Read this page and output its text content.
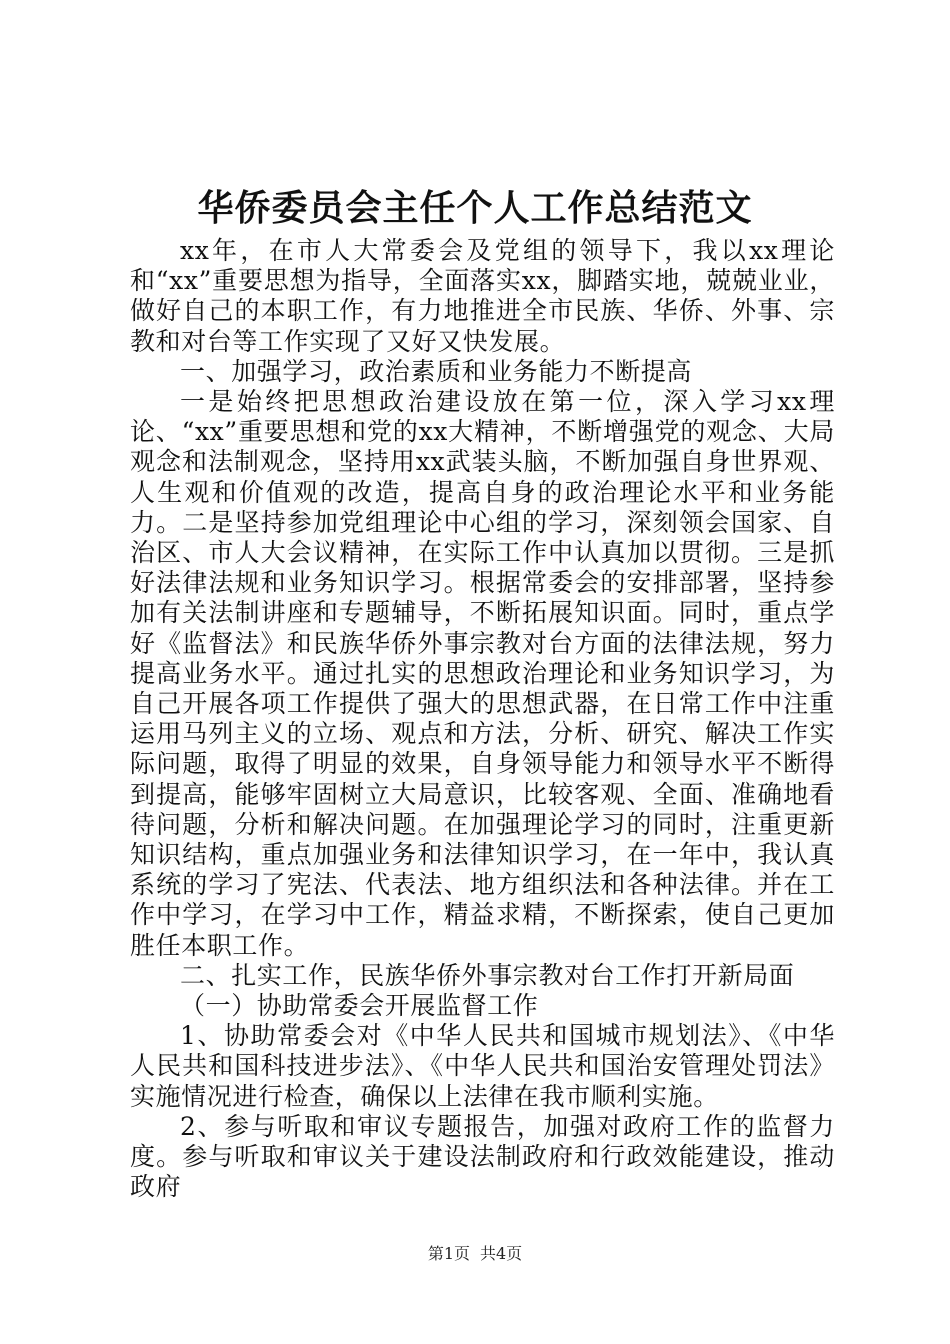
华侨委员会主任个人工作总结范文

xx年，在市人大常委会及党组的领导下，我以xx理论和“xx”重要思想为指导，全面落实xx，脚踏实地，兢兢业业，做好自己的本职工作，有力地推进全市民族、华侨、外事、宗教和对台等工作实现了又好又快发展。

一、加强学习，政治素质和业务能力不断提高

一是始终把思想政治建设放在第一位，深入学习xx理论、“xx”重要思想和党的xx大精神，不断增强党的观念、大局观念和法制观念，坚持用xx武装头脑，不断加强自身世界观、人生观和价值观的改造，提高自身的政治理论水平和业务能力。二是坚持参加党组理论中心组的学习，深刻领会国家、自治区、市人大会议精神，在实际工作中认真加以贯彻。三是抓好法律法规和业务知识学习。根据常委会的安排部署，坚持参加有关法制讲座和专题辅导，不断拓展知识面。同时，重点学好《监督法》和民族华侨外事宗教对台方面的法律法规，努力提高业务水平。通过扎实的思想政治理论和业务知识学习，为自己开展各项工作提供了强大的思想武器，在日常工作中注重运用马列主义的立场、观点和方法，分析、研究、解决工作实际问题，取得了明显的效果，自身领导能力和领导水平不断得到提高，能够牢固树立大局意识，比较客观、全面、准确地看待问题，分析和解决问题。在加强理论学习的同时，注重更新知识结构，重点加强业务和法律知识学习，在一年中，我认真系统的学习了宪法、代表法、地方组织法和各种法律。并在工作中学习，在学习中工作，精益求精，不断探索，使自己更加胜任本职工作。

二、扎实工作，民族华侨外事宗教对台工作打开新局面

（一）协助常委会开展监督工作

1、协助常委会对《中华人民共和国城市规划法》、《中华人民共和国科技进步法》、《中华人民共和国治安管理处罚法》实施情况进行检查，确保以上法律在我市顺利实施。

2、参与听取和审议专题报告，加强对政府工作的监督力度。参与听取和审议关于建设法制政府和行政效能建设，推动政府

第1页 共4页
